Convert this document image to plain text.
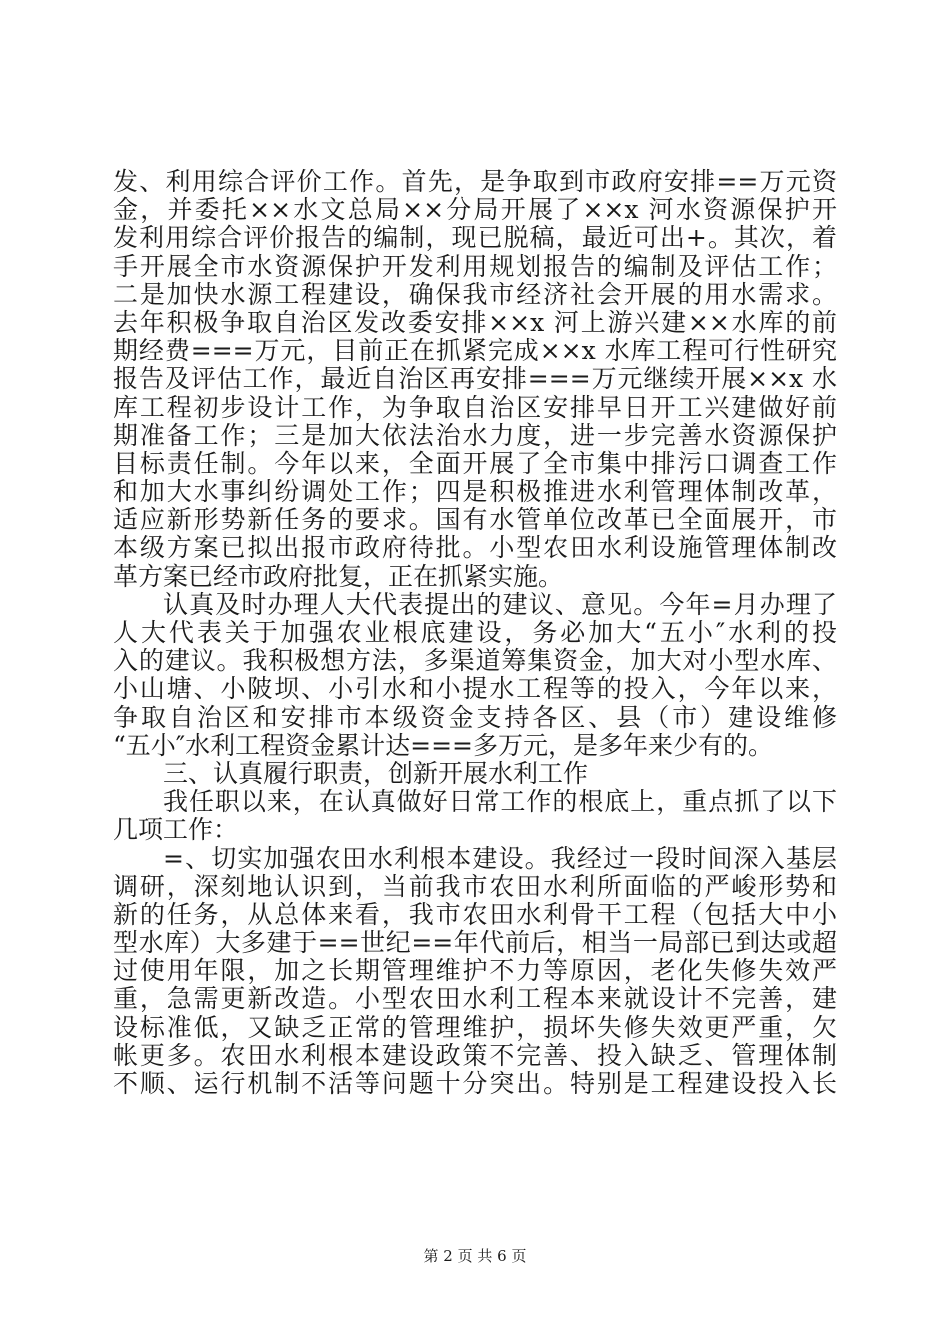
发、利用综合评价工作。首先，是争取到市政府安排==万元资
金，并委托××水文总局××分局开展了××x 河水资源保护开
发利用综合评价报告的编制，现已脱稿，最近可出+。其次，着
手开展全市水资源保护开发利用规划报告的编制及评估工作；
二是加快水源工程建设，确保我市经济社会开展的用水需求。
去年积极争取自治区发改委安排××x 河上游兴建××水库的前
期经费===万元，目前正在抓紧完成××x 水库工程可行性研究
报告及评估工作，最近自治区再安排===万元继续开展××x 水
库工程初步设计工作，为争取自治区安排早日开工兴建做好前
期准备工作；三是加大依法治水力度，进一步完善水资源保护
目标责任制。今年以来，全面开展了全市集中排污口调查工作
和加大水事纠纷调处工作；四是积极推进水利管理体制改革，
适应新形势新任务的要求。国有水管单位改革已全面展开，市
本级方案已拟出报市政府待批。小型农田水利设施管理体制改
革方案已经市政府批复，正在抓紧实施。
认真及时办理人大代表提出的建议、意见。今年=月办理了
人大代表关于加强农业根底建设，务必加大“五小″水利的投
入的建议。我积极想方法，多渠道筹集资金，加大对小型水库、
小山塘、小陂坝、小引水和小提水工程等的投入，今年以来，
争取自治区和安排市本级资金支持各区、县（市）建设维修
“五小″水利工程资金累计达===多万元，是多年来少有的。
三、认真履行职责，创新开展水利工作
我任职以来，在认真做好日常工作的根底上，重点抓了以下
几项工作：
=、切实加强农田水利根本建设。我经过一段时间深入基层
调研，深刻地认识到，当前我市农田水利所面临的严峻形势和
新的任务，从总体来看，我市农田水利骨干工程（包括大中小
型水库）大多建于==世纪==年代前后，相当一局部已到达或超
过使用年限，加之长期管理维护不力等原因，老化失修失效严
重，急需更新改造。小型农田水利工程本来就设计不完善，建
设标准低，又缺乏正常的管理维护，损坏失修失效更严重，欠
帐更多。农田水利根本建设政策不完善、投入缺乏、管理体制
不顺、运行机制不活等问题十分突出。特别是工程建设投入长
第 2 页 共 6 页
